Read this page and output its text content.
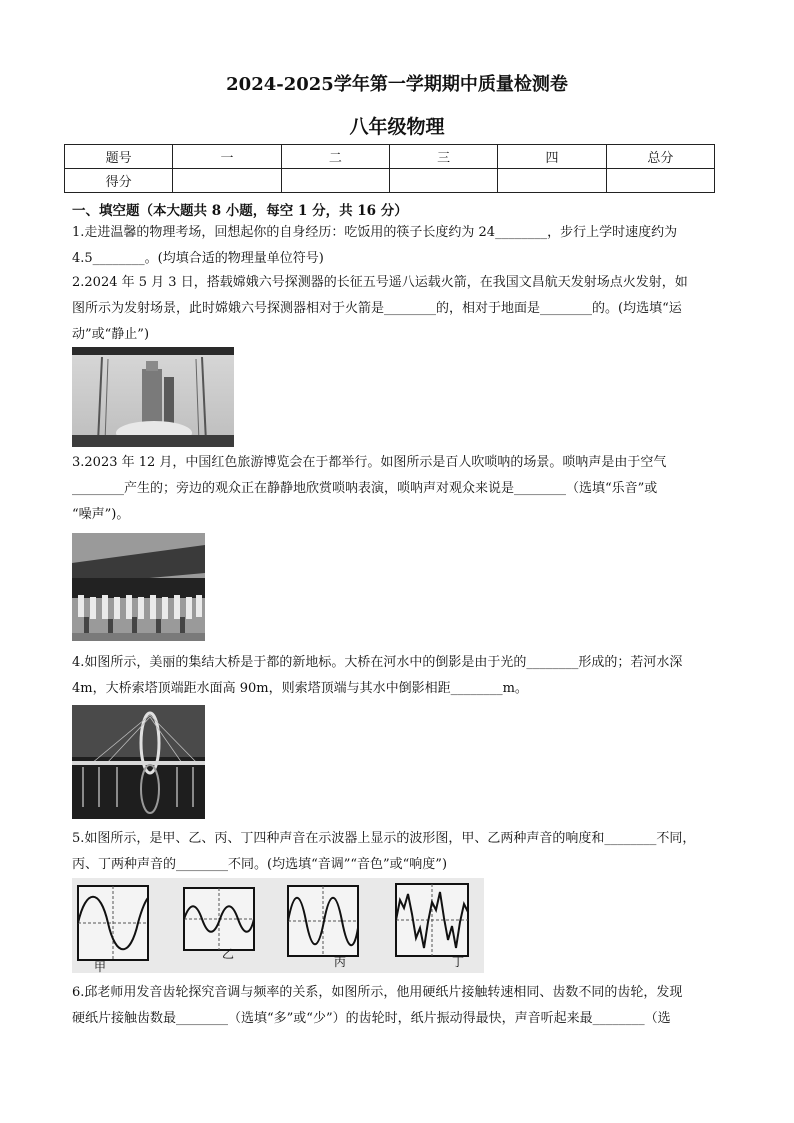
2024-2025学年第一学期期中质量检测卷
八年级物理
题号	一	二	三	四	总分
得分					
一、填空题（本大题共 8 小题，每空 1 分，共 16 分）
1.走进温馨的物理考场，回想起你的自身经历：吃饭用的筷子长度约为 24________，步行上学时速度约为
4.5________。(均填合适的物理量单位符号)
2.2024 年 5 月 3 日，搭载嫦娥六号探测器的长征五号遥八运载火箭，在我国文昌航天发射场点火发射，如
图所示为发射场景，此时嫦娥六号探测器相对于火箭是________的，相对于地面是________的。(均选填“运
动”或“静止”)
3.2023 年 12 月，中国红色旅游博览会在于都举行。如图所示是百人吹唢呐的场景。唢呐声是由于空气
________产生的；旁边的观众正在静静地欣赏唢呐表演，唢呐声对观众来说是________（选填“乐音”或
“噪声”)。
4.如图所示，美丽的集结大桥是于都的新地标。大桥在河水中的倒影是由于光的________形成的；若河水深
4m，大桥索塔顶端距水面高 90m，则索塔顶端与其水中倒影相距________m。
5.如图所示，是甲、乙、丙、丁四种声音在示波器上显示的波形图，甲、乙两种声音的响度和________不同，
丙、丁两种声音的________不同。(均选填“音调”“音色”或“响度”)
甲
乙
丙	丁
6.邱老师用发音齿轮探究音调与频率的关系，如图所示，他用硬纸片接触转速相同、齿数不同的齿轮，发现
硬纸片接触齿数最________（选填“多”或“少”）的齿轮时，纸片振动得最快，声音听起来最________（选
